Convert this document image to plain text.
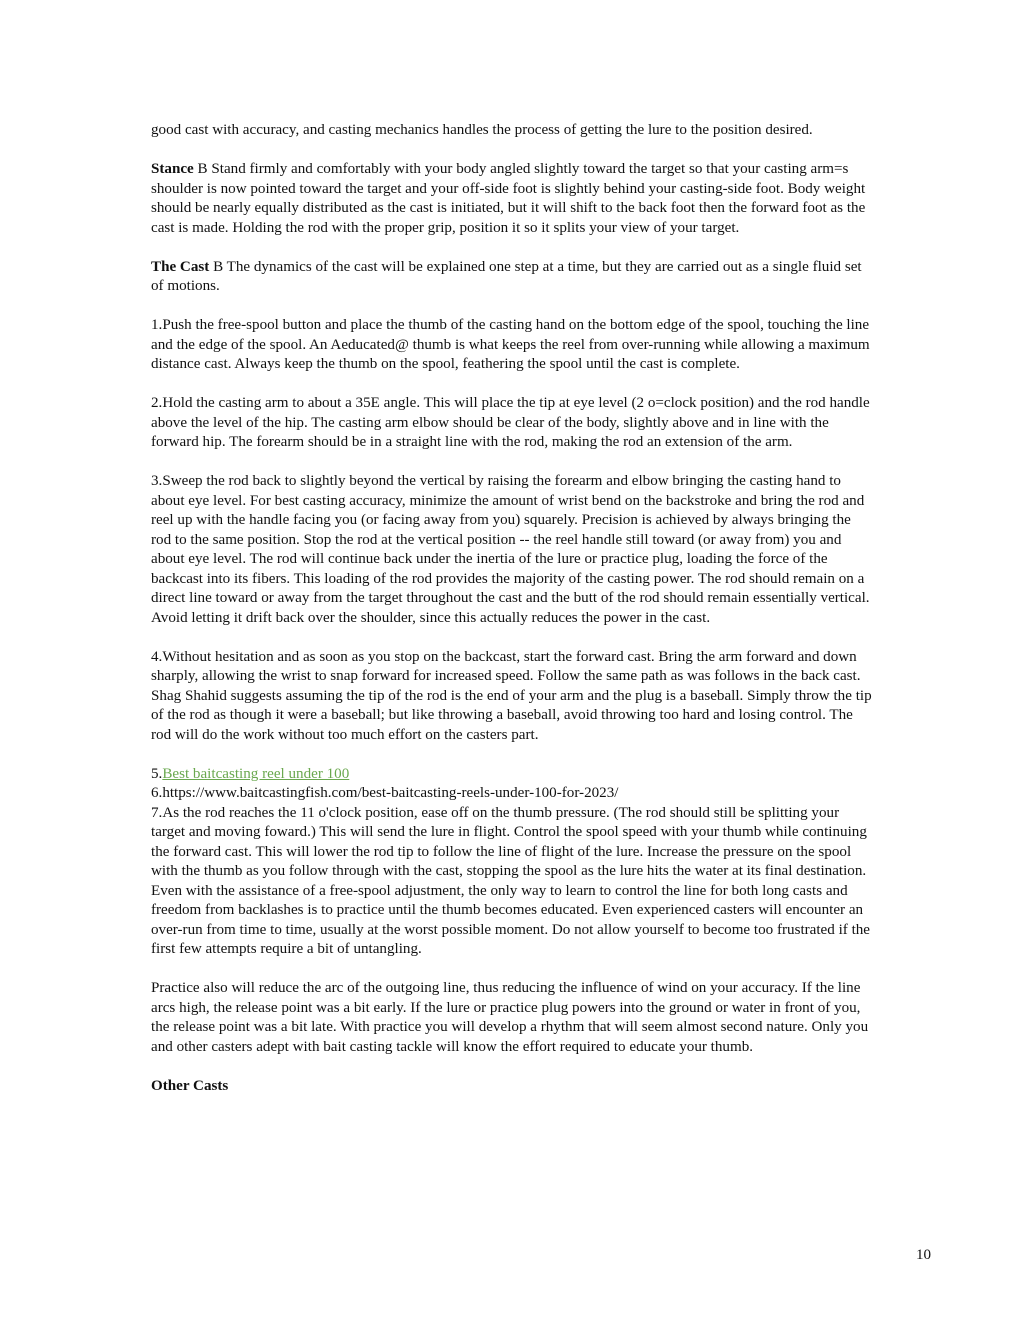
good cast with accuracy, and casting mechanics handles the process of getting the lure to the position desired.

Stance B Stand firmly and comfortably with your body angled slightly toward the target so that your casting arm=s shoulder is now pointed toward the target and your off-side foot is slightly behind your casting-side foot. Body weight should be nearly equally distributed as the cast is initiated, but it will shift to the back foot then the forward foot as the cast is made. Holding the rod with the proper grip, position it so it splits your view of your target.

The Cast B The dynamics of the cast will be explained one step at a time, but they are carried out as a single fluid set of motions.

1.Push the free-spool button and place the thumb of the casting hand on the bottom edge of the spool, touching the line and the edge of the spool. An Aeducated@ thumb is what keeps the reel from over-running while allowing a maximum distance cast. Always keep the thumb on the spool, feathering the spool until the cast is complete.

2.Hold the casting arm to about a 35E angle. This will place the tip at eye level (2 o=clock position) and the rod handle above the level of the hip. The casting arm elbow should be clear of the body, slightly above and in line with the forward hip. The forearm should be in a straight line with the rod, making the rod an extension of the arm.

3.Sweep the rod back to slightly beyond the vertical by raising the forearm and elbow bringing the casting hand to about eye level. For best casting accuracy, minimize the amount of wrist bend on the backstroke and bring the rod and reel up with the handle facing you (or facing away from you) squarely. Precision is achieved by always bringing the rod to the same position. Stop the rod at the vertical position -- the reel handle still toward (or away from) you and about eye level. The rod will continue back under the inertia of the lure or practice plug, loading the force of the backcast into its fibers. This loading of the rod provides the majority of the casting power. The rod should remain on a direct line toward or away from the target throughout the cast and the butt of the rod should remain essentially vertical. Avoid letting it drift back over the shoulder, since this actually reduces the power in the cast.

4.Without hesitation and as soon as you stop on the backcast, start the forward cast. Bring the arm forward and down sharply, allowing the wrist to snap forward for increased speed. Follow the same path as was follows in the back cast. Shag Shahid suggests assuming the tip of the rod is the end of your arm and the plug is a baseball. Simply throw the tip of the rod as though it were a baseball; but like throwing a baseball, avoid throwing too hard and losing control. The rod will do the work without too much effort on the casters part.

5.Best baitcasting reel under 100

6.https://www.baitcastingfish.com/best-baitcasting-reels-under-100-for-2023/

7.As the rod reaches the 11 o'clock position, ease off on the thumb pressure. (The rod should still be splitting your target and moving foward.) This will send the lure in flight. Control the spool speed with your thumb while continuing the forward cast. This will lower the rod tip to follow the line of flight of the lure. Increase the pressure on the spool with the thumb as you follow through with the cast, stopping the spool as the lure hits the water at its final destination. Even with the assistance of a free-spool adjustment, the only way to learn to control the line for both long casts and freedom from backlashes is to practice until the thumb becomes educated. Even experienced casters will encounter an over-run from time to time, usually at the worst possible moment. Do not allow yourself to become too frustrated if the first few attempts require a bit of untangling.

Practice also will reduce the arc of the outgoing line, thus reducing the influence of wind on your accuracy. If the line arcs high, the release point was a bit early. If the lure or practice plug powers into the ground or water in front of you, the release point was a bit late. With practice you will develop a rhythm that will seem almost second nature. Only you and other casters adept with bait casting tackle will know the effort required to educate your thumb.

Other Casts

10
